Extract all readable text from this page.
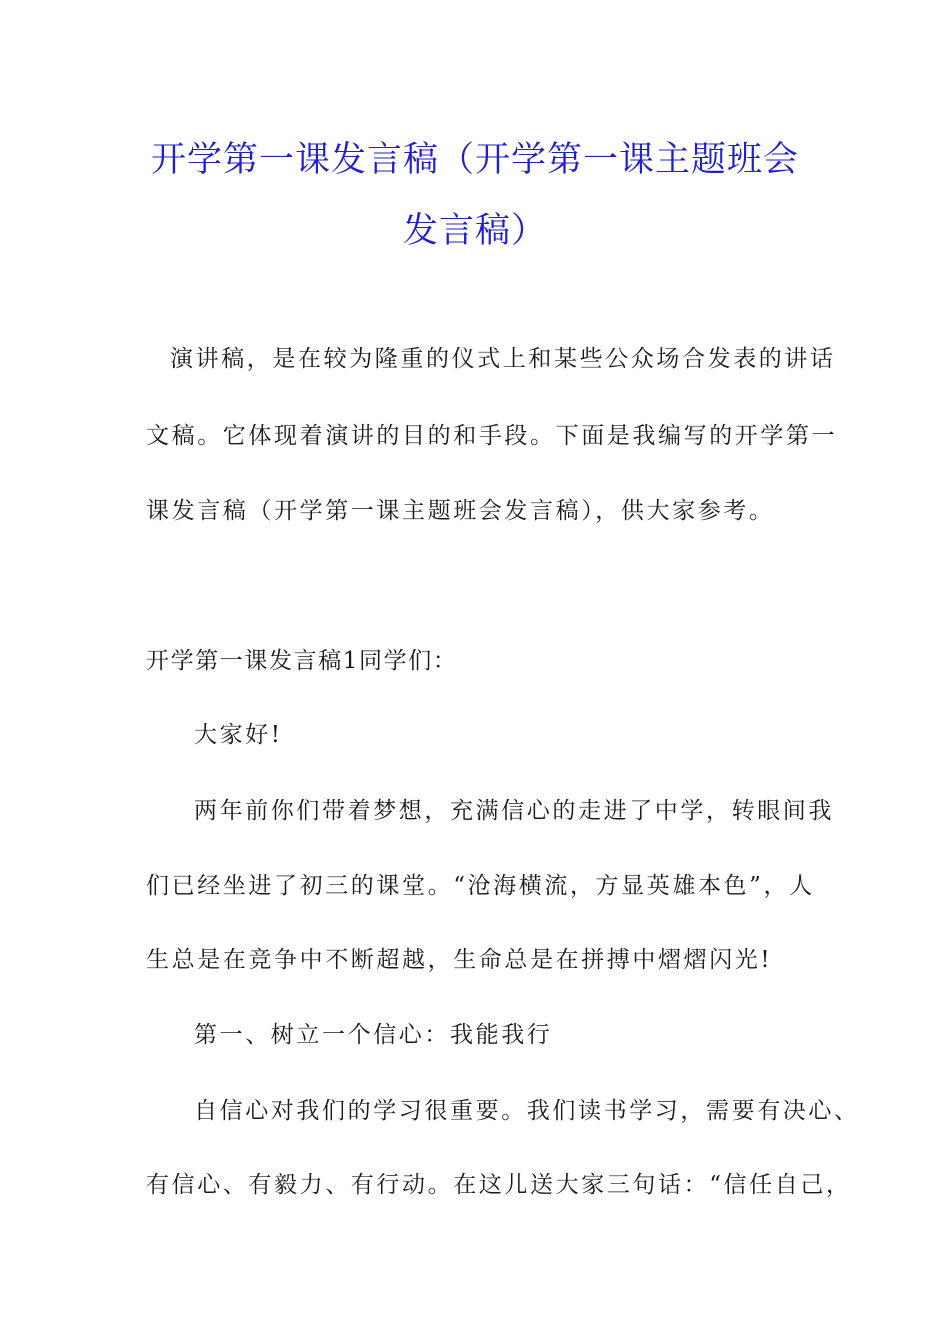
开学第一课发言稿（开学第一课主题班会
发言稿）
演讲稿，是在较为隆重的仪式上和某些公众场合发表的讲话
文稿。它体现着演讲的目的和手段。下面是我编写的开学第一
课发言稿（开学第一课主题班会发言稿），供大家参考。
开学第一课发言稿1同学们：
大家好!
两年前你们带着梦想，充满信心的走进了中学，转眼间我
们已经坐进了初三的课堂。“沧海横流，方显英雄本色”，人
生总是在竞争中不断超越，生命总是在拼搏中熠熠闪光!
第一、树立一个信心：我能我行
自信心对我们的学习很重要。我们读书学习，需要有决心、
有信心、有毅力、有行动。在这儿送大家三句话：“信任自己，
